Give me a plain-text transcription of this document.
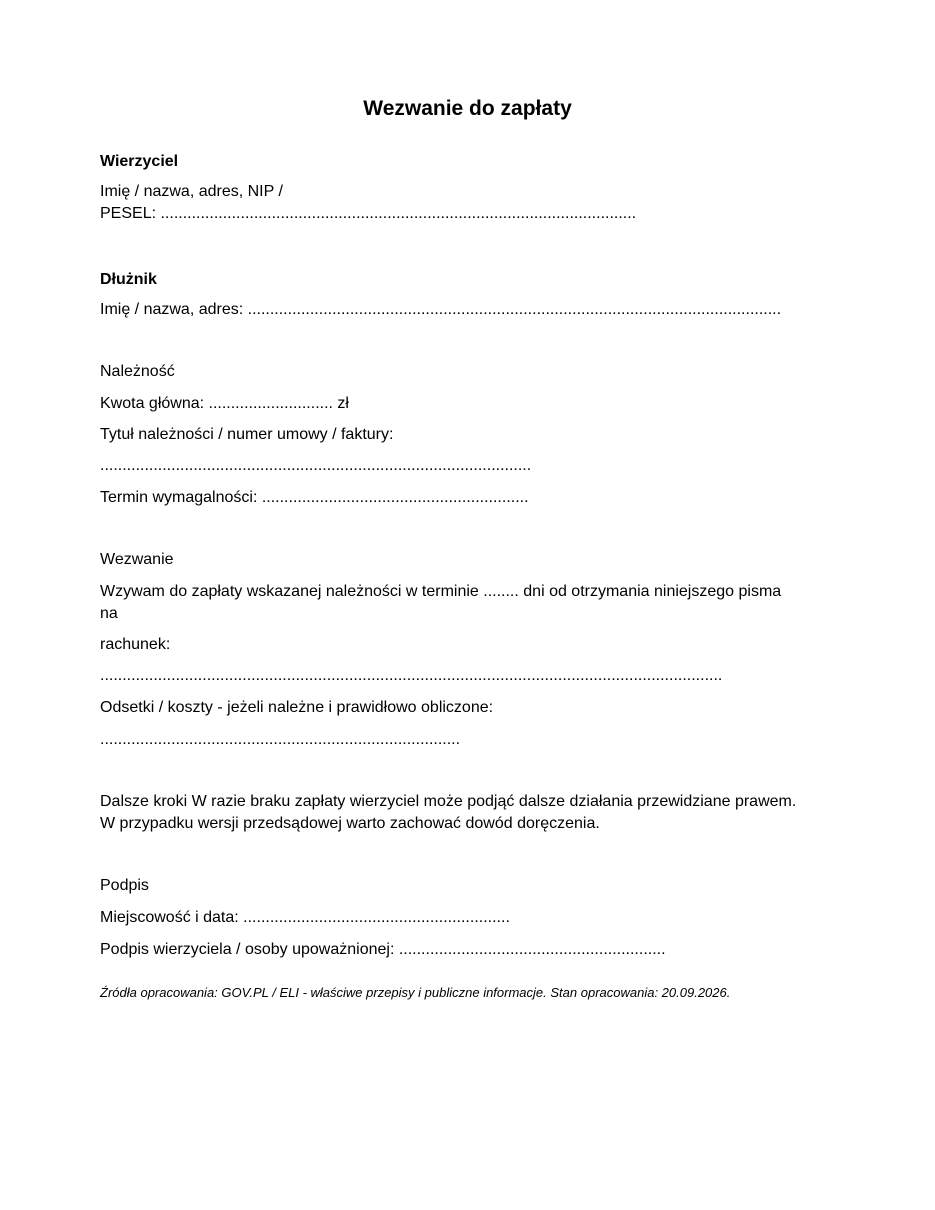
Wezwanie do zapłaty
Wierzyciel
Imię / nazwa, adres, NIP /
PESEL: ...........................................................................................................
Dłużnik
Imię / nazwa, adres: ........................................................................................................................
Należność
Kwota główna: ............................ zł
Tytuł należności / numer umowy / faktury:
.................................................................................................
Termin wymagalności: ............................................................
Wezwanie
Wzywam do zapłaty wskazanej należności w terminie ........ dni od otrzymania niniejszego pisma
na
rachunek:
............................................................................................................................................
Odsetki / koszty - jeżeli należne i prawidłowo obliczone:
.................................................................................
Dalsze kroki W razie braku zapłaty wierzyciel może podjąć dalsze działania przewidziane prawem.
W przypadku wersji przedsądowej warto zachować dowód doręczenia.
Podpis
Miejscowość i data: ............................................................
Podpis wierzyciela / osoby upoważnionej: ............................................................
Źródła opracowania: GOV.PL / ELI - właściwe przepisy i publiczne informacje. Stan opracowania: 20.09.2026.
